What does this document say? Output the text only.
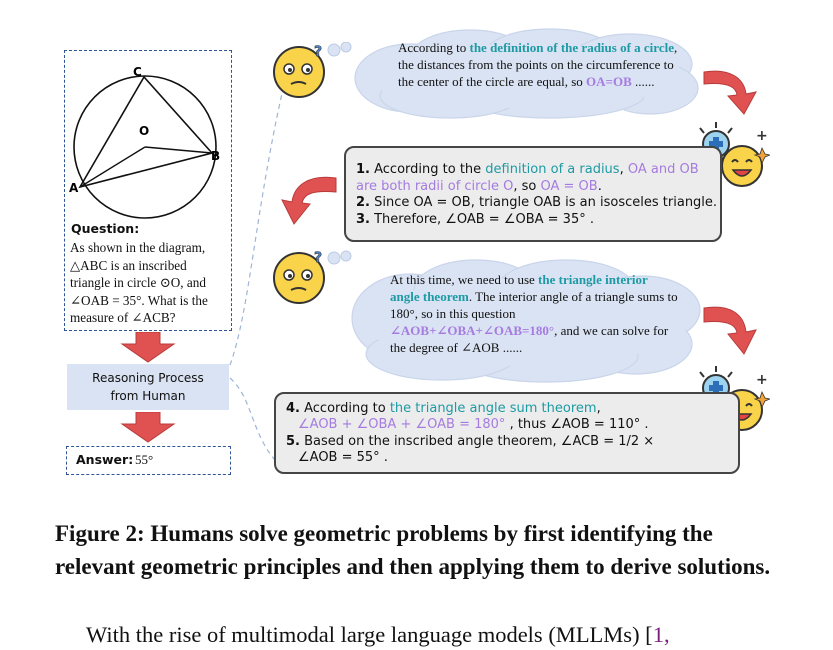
C
O
B
A
Question:
As shown in the diagram,
△ABC is an inscribed
triangle in circle ⊙O, and
∠OAB = 35°. What is the
measure of ∠ACB?
Reasoning Process
from Human
Answer: 55°
?
?
According to the definition of the radius of a circle, the distances from the points on the circumference to the center of the circle are equal, so OA=OB ......
+
+

1. According to the definition of a radius, OA and OB are both radii of circle O, so OA = OB.

2. Since OA = OB, triangle OAB is an isosceles triangle.

3. Therefore, ∠OAB = ∠OBA = 35° .

At this time, we need to use the triangle interior angle theorem. The interior angle of a triangle sums to 180°, so in this question ∠AOB+∠OBA+∠OAB=180°, and we can solve for the degree of ∠AOB ......

4. According to the triangle angle sum theorem,

∠AOB + ∠OBA + ∠OAB = 180° , thus ∠AOB = 110° .

5. Based on the inscribed angle theorem, ∠ACB = 1/2 ×

∠AOB = 55° .

Figure 2: Humans solve geometric problems by first identifying the relevant geometric principles and then applying them to derive solutions.
With the rise of multimodal large language models (MLLMs) [1,
